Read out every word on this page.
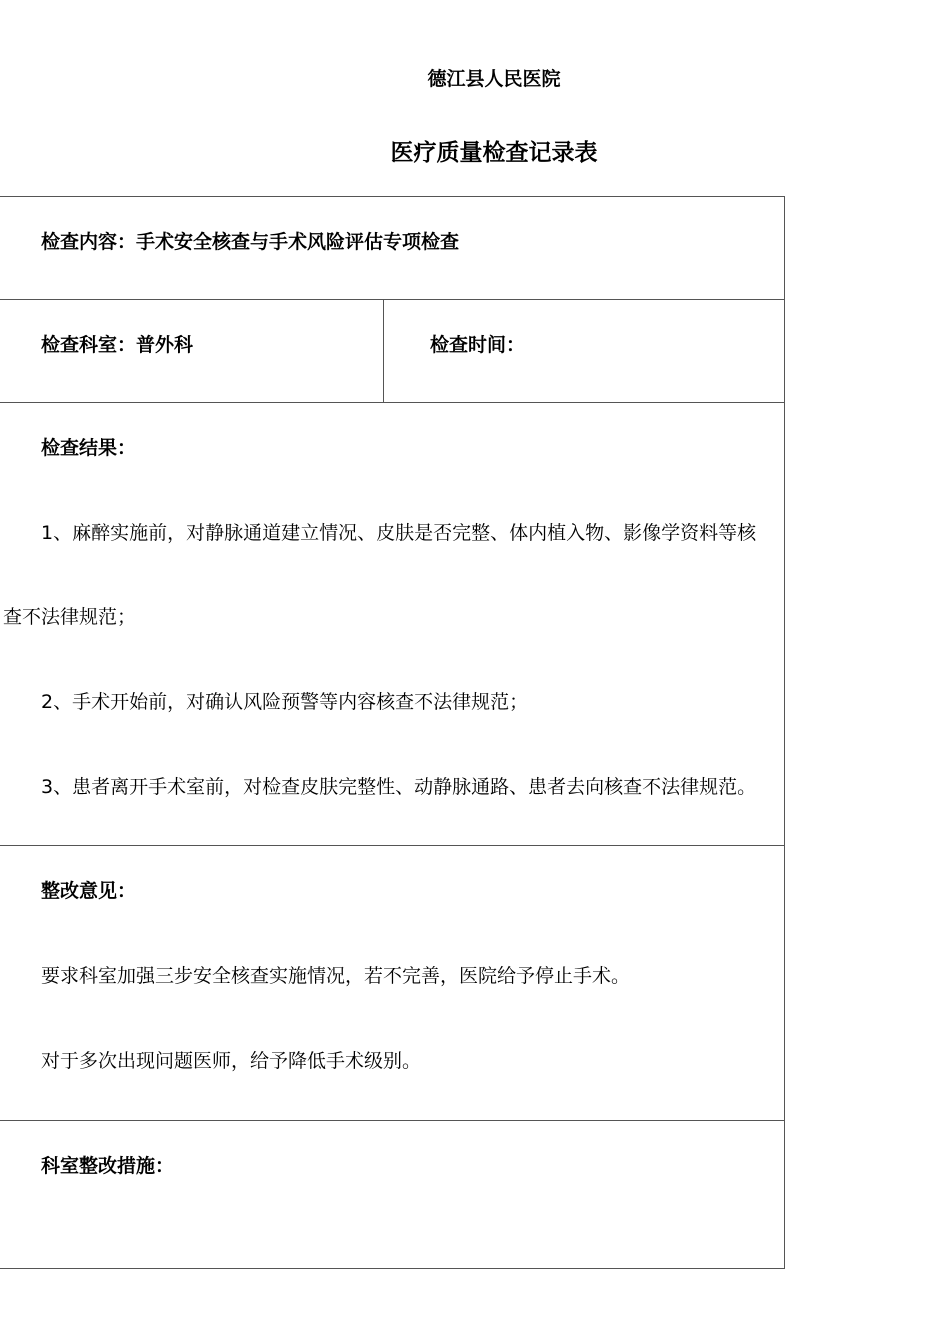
德江县人民医院
医疗质量检查记录表
检查内容：手术安全核查与手术风险评估专项检查
检查科室：普外科	检查时间：
检查结果：
1、麻醉实施前，对静脉通道建立情况、皮肤是否完整、体内植入物、影像学资料等核
查不法律规范；
2、手术开始前，对确认风险预警等内容核查不法律规范；
3、患者离开手术室前，对检查皮肤完整性、动静脉通路、患者去向核查不法律规范。
整改意见：
要求科室加强三步安全核查实施情况，若不完善，医院给予停止手术。
对于多次出现问题医师，给予降低手术级别。
科室整改措施：
